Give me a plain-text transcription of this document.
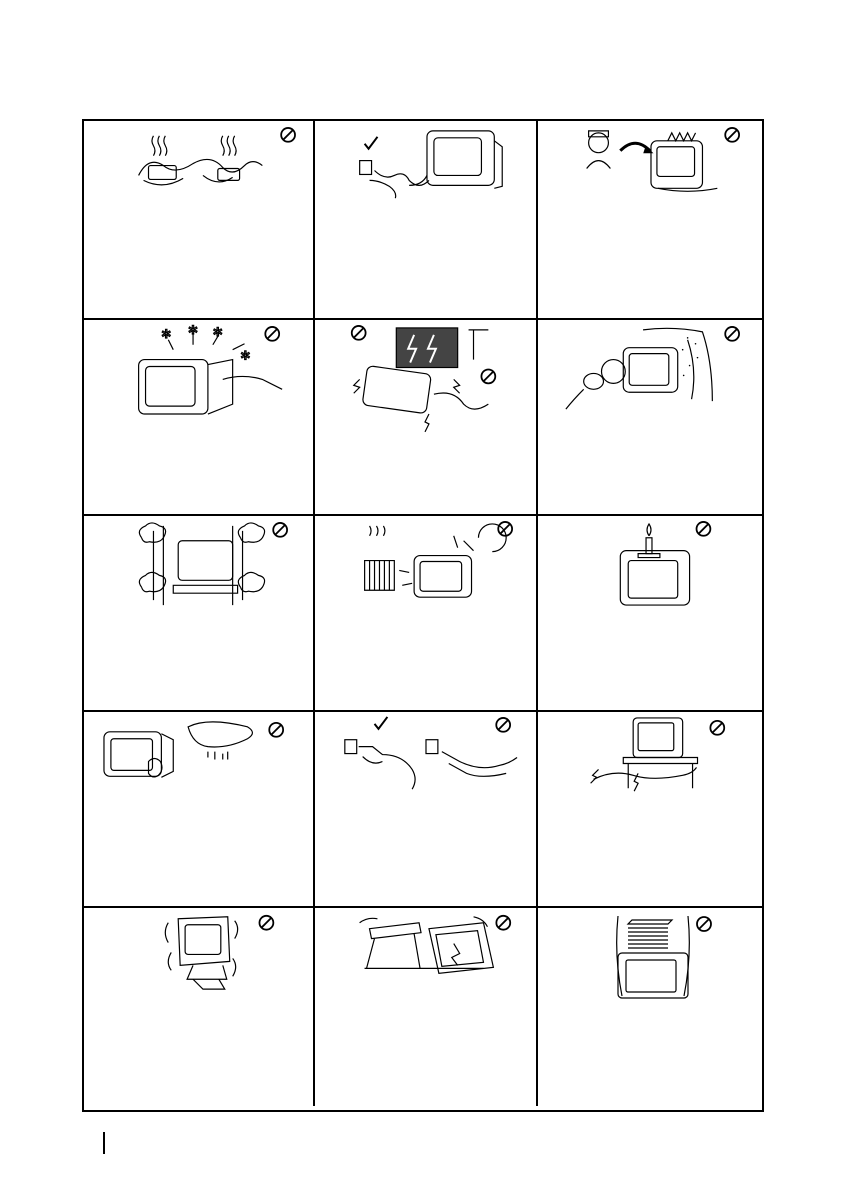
✲ ✲ ✲
✲
